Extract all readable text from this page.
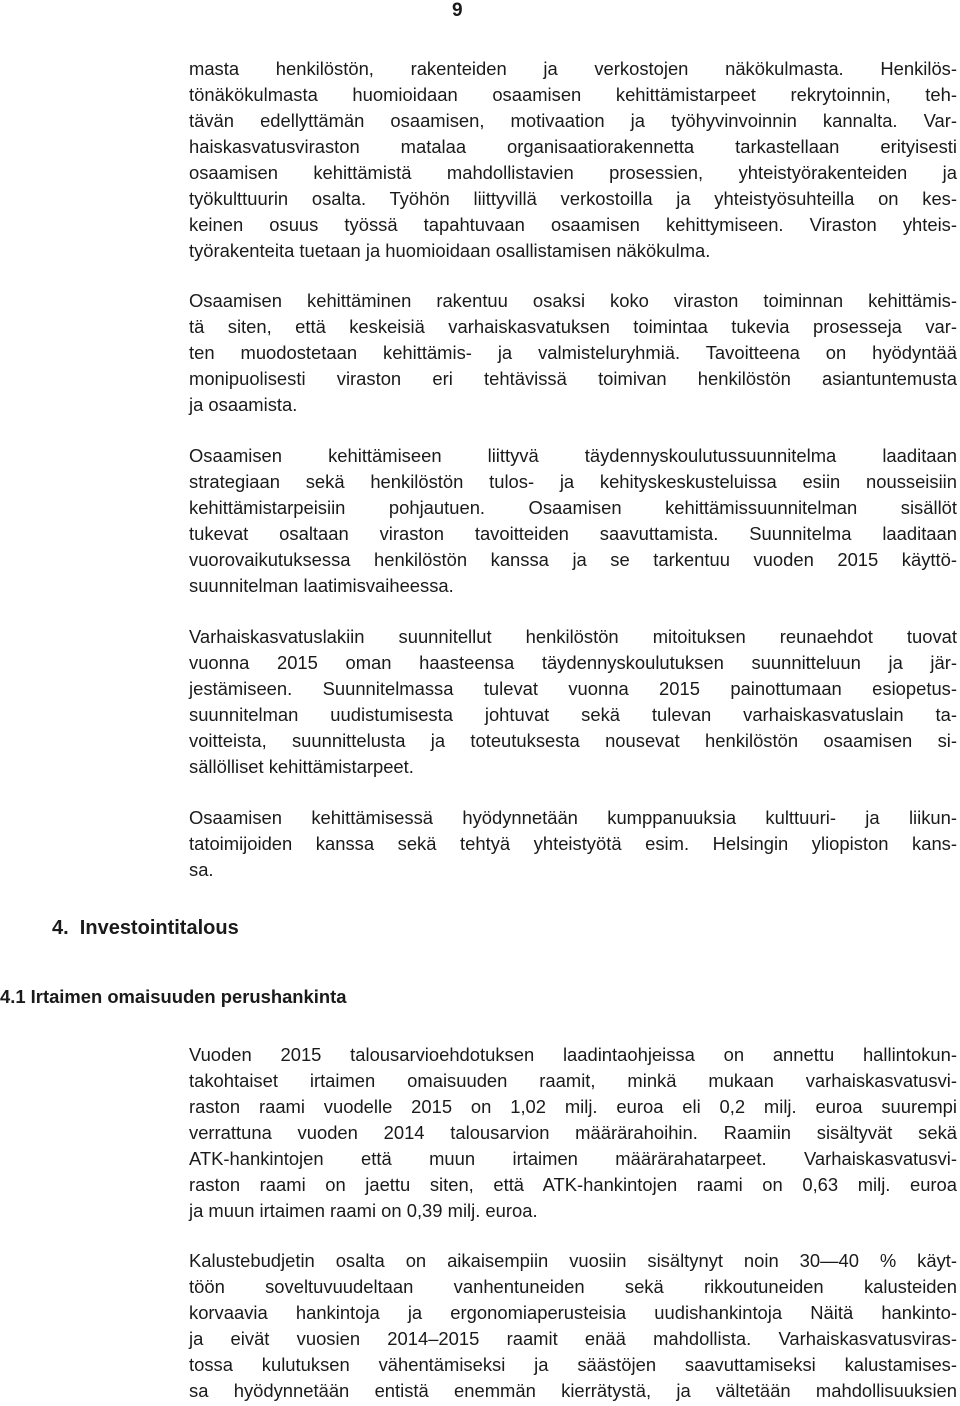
9
masta henkilöstön, rakenteiden ja verkostojen näkökulmasta. Henkilös-
tönäkökulmasta huomioidaan osaamisen kehittämistarpeet rekrytoinnin, teh-
tävän edellyttämän osaamisen, motivaation ja työhyvinvoinnin kannalta. Var-
haiskasvatusviraston matalaa organisaatiorakennetta tarkastellaan erityisesti
osaamisen kehittämistä mahdollistavien prosessien, yhteistyörakenteiden ja
työkulttuurin osalta. Työhön liittyvillä verkostoilla ja yhteistyösuhteilla on kes-
keinen osuus työssä tapahtuvaan osaamisen kehittymiseen. Viraston yhteis-
työrakenteita tuetaan ja huomioidaan osallistamisen näkökulma.
Osaamisen kehittäminen rakentuu osaksi koko viraston toiminnan kehittämis-
tä siten, että keskeisiä varhaiskasvatuksen toimintaa tukevia prosesseja var-
ten muodostetaan kehittämis- ja valmisteluryhmiä. Tavoitteena on hyödyntää
monipuolisesti viraston eri tehtävissä toimivan henkilöstön asiantuntemusta
ja osaamista.
Osaamisen kehittämiseen liittyvä täydennyskoulutussuunnitelma laaditaan
strategiaan sekä henkilöstön tulos- ja kehityskeskusteluissa esiin nousseisiin
kehittämistarpeisiin pohjautuen. Osaamisen kehittämissuunnitelman sisällöt
tukevat osaltaan viraston tavoitteiden saavuttamista. Suunnitelma laaditaan
vuorovaikutuksessa henkilöstön kanssa ja se tarkentuu vuoden 2015 käyttö-
suunnitelman laatimisvaiheessa.
Varhaiskasvatuslakiin suunnitellut henkilöstön mitoituksen reunaehdot tuovat
vuonna 2015 oman haasteensa täydennyskoulutuksen suunnitteluun ja jär-
jestämiseen. Suunnitelmassa tulevat vuonna 2015 painottumaan esiopetus-
suunnitelman uudistumisesta johtuvat sekä tulevan varhaiskasvatuslain ta-
voitteista, suunnittelusta ja toteutuksesta nousevat henkilöstön osaamisen si-
sällölliset kehittämistarpeet.
Osaamisen kehittämisessä hyödynnetään kumppanuuksia kulttuuri- ja liikun-
tatoimijoiden kanssa sekä tehtyä yhteistyötä esim. Helsingin yliopiston kans-
sa.
4.  Investointitalous
4.1 Irtaimen omaisuuden perushankinta
Vuoden 2015 talousarvioehdotuksen laadintaohjeissa on annettu hallintokun-
takohtaiset irtaimen omaisuuden raamit, minkä mukaan varhaiskasvatusvi-
raston raami vuodelle 2015 on 1,02 milj. euroa eli 0,2 milj. euroa suurempi
verrattuna vuoden 2014 talousarvion määrärahoihin. Raamiin sisältyvät sekä
ATK-hankintojen että muun irtaimen määrärahatarpeet. Varhaiskasvatusvi-
raston raami on jaettu siten, että ATK-hankintojen raami on 0,63 milj. euroa
ja muun irtaimen raami on 0,39 milj. euroa.
Kalustebudjetin osalta on aikaisempiin vuosiin sisältynyt noin 30—40 % käyt-
töön soveltuvuudeltaan vanhentuneiden sekä rikkoutuneiden kalusteiden
korvaavia hankintoja ja ergonomiaperusteisia uudishankintoja Näitä hankinto-
ja eivät vuosien 2014–2015 raamit enää mahdollista. Varhaiskasvatusviras-
tossa kulutuksen vähentämiseksi ja säästöjen saavuttamiseksi kalustamises-
sa hyödynnetään entistä enemmän kierrätystä, ja vältetään mahdollisuuksien
